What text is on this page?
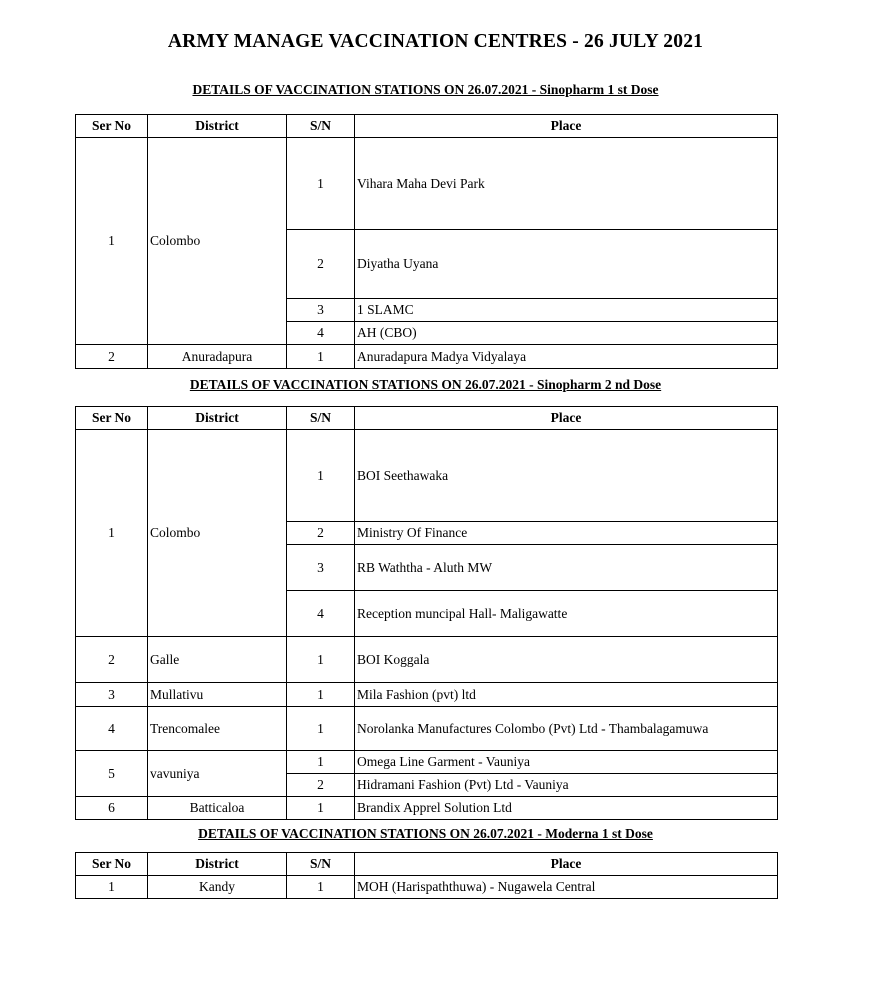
ARMY MANAGE VACCINATION CENTRES - 26 JULY 2021
DETAILS OF VACCINATION STATIONS ON 26.07.2021 - Sinopharm 1 st Dose
Ser No	District	S/N	Place
1	Colombo	1	Vihara Maha Devi Park
		2	Diyatha Uyana
		3	1 SLAMC
		4	AH (CBO)
2	Anuradapura	1	Anuradapura Madya Vidyalaya
DETAILS OF VACCINATION STATIONS ON 26.07.2021 - Sinopharm 2 nd Dose
Ser No	District	S/N	Place
1	Colombo	1	BOI Seethawaka
		2	Ministry Of Finance
		3	RB Waththa - Aluth MW
		4	Reception muncipal Hall- Maligawatte
2	Galle	1	BOI Koggala
3	Mullativu	1	Mila Fashion (pvt) ltd
4	Trencomalee	1	Norolanka Manufactures Colombo (Pvt) Ltd - Thambalagamuwa
5	vavuniya	1	Omega Line Garment - Vauniya
		2	Hidramani Fashion (Pvt) Ltd - Vauniya
6	Batticaloa	1	Brandix Apprel Solution Ltd
DETAILS OF VACCINATION STATIONS ON 26.07.2021 - Moderna 1 st Dose
Ser No	District	S/N	Place
1	Kandy	1	MOH (Harispaththuwa) - Nugawela Central
